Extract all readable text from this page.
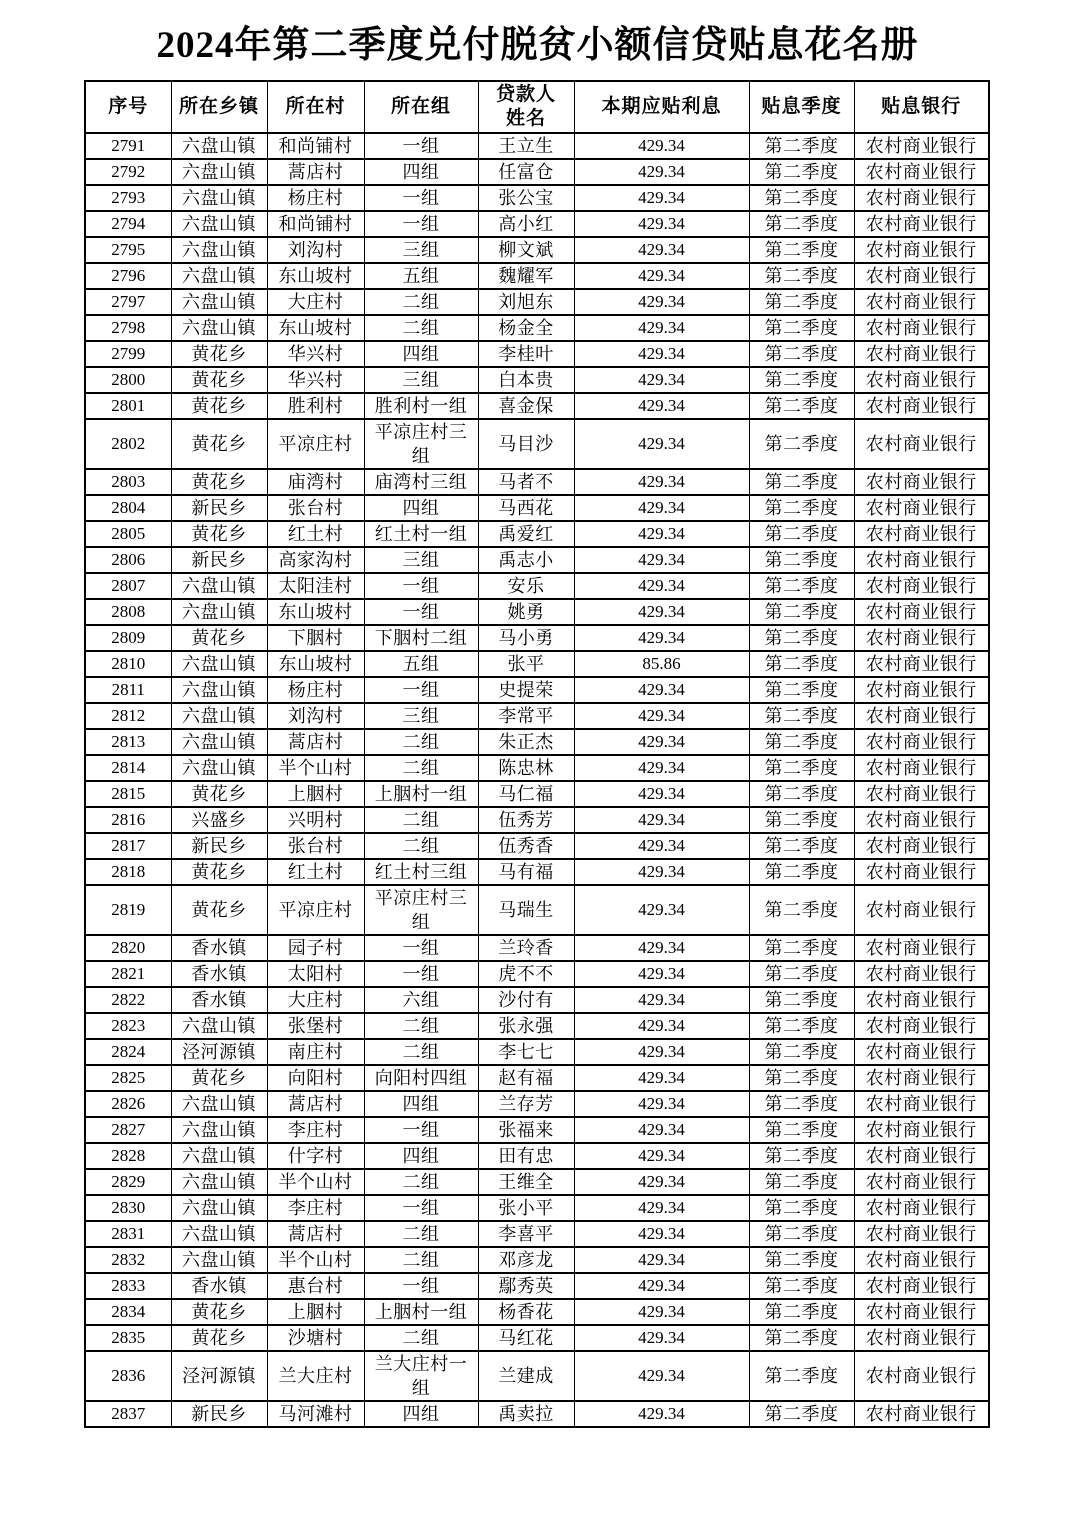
2024年第二季度兑付脱贫小额信贷贴息花名册
序号	所在乡镇	所在村	所在组	贷款人姓名	本期应贴利息	贴息季度	贴息银行
2791	六盘山镇	和尚铺村	一组	王立生	429.34	第二季度	农村商业银行
2792	六盘山镇	蒿店村	四组	任富仓	429.34	第二季度	农村商业银行
2793	六盘山镇	杨庄村	一组	张公宝	429.34	第二季度	农村商业银行
2794	六盘山镇	和尚铺村	一组	高小红	429.34	第二季度	农村商业银行
2795	六盘山镇	刘沟村	三组	柳文斌	429.34	第二季度	农村商业银行
2796	六盘山镇	东山坡村	五组	魏耀军	429.34	第二季度	农村商业银行
2797	六盘山镇	大庄村	二组	刘旭东	429.34	第二季度	农村商业银行
2798	六盘山镇	东山坡村	二组	杨金全	429.34	第二季度	农村商业银行
2799	黄花乡	华兴村	四组	李桂叶	429.34	第二季度	农村商业银行
2800	黄花乡	华兴村	三组	白本贵	429.34	第二季度	农村商业银行
2801	黄花乡	胜利村	胜利村一组	喜金保	429.34	第二季度	农村商业银行
2802	黄花乡	平凉庄村	平凉庄村三组	马目沙	429.34	第二季度	农村商业银行
2803	黄花乡	庙湾村	庙湾村三组	马者不	429.34	第二季度	农村商业银行
2804	新民乡	张台村	四组	马西花	429.34	第二季度	农村商业银行
2805	黄花乡	红土村	红土村一组	禹爱红	429.34	第二季度	农村商业银行
2806	新民乡	高家沟村	三组	禹志小	429.34	第二季度	农村商业银行
2807	六盘山镇	太阳洼村	一组	安乐	429.34	第二季度	农村商业银行
2808	六盘山镇	东山坡村	一组	姚勇	429.34	第二季度	农村商业银行
2809	黄花乡	下胭村	下胭村二组	马小勇	429.34	第二季度	农村商业银行
2810	六盘山镇	东山坡村	五组	张平	85.86	第二季度	农村商业银行
2811	六盘山镇	杨庄村	一组	史提荣	429.34	第二季度	农村商业银行
2812	六盘山镇	刘沟村	三组	李常平	429.34	第二季度	农村商业银行
2813	六盘山镇	蒿店村	二组	朱正杰	429.34	第二季度	农村商业银行
2814	六盘山镇	半个山村	二组	陈忠林	429.34	第二季度	农村商业银行
2815	黄花乡	上胭村	上胭村一组	马仁福	429.34	第二季度	农村商业银行
2816	兴盛乡	兴明村	二组	伍秀芳	429.34	第二季度	农村商业银行
2817	新民乡	张台村	二组	伍秀香	429.34	第二季度	农村商业银行
2818	黄花乡	红土村	红土村三组	马有福	429.34	第二季度	农村商业银行
2819	黄花乡	平凉庄村	平凉庄村三组	马瑞生	429.34	第二季度	农村商业银行
2820	香水镇	园子村	一组	兰玲香	429.34	第二季度	农村商业银行
2821	香水镇	太阳村	一组	虎不不	429.34	第二季度	农村商业银行
2822	香水镇	大庄村	六组	沙付有	429.34	第二季度	农村商业银行
2823	六盘山镇	张堡村	二组	张永强	429.34	第二季度	农村商业银行
2824	泾河源镇	南庄村	二组	李七七	429.34	第二季度	农村商业银行
2825	黄花乡	向阳村	向阳村四组	赵有福	429.34	第二季度	农村商业银行
2826	六盘山镇	蒿店村	四组	兰存芳	429.34	第二季度	农村商业银行
2827	六盘山镇	李庄村	一组	张福来	429.34	第二季度	农村商业银行
2828	六盘山镇	什字村	四组	田有忠	429.34	第二季度	农村商业银行
2829	六盘山镇	半个山村	二组	王维全	429.34	第二季度	农村商业银行
2830	六盘山镇	李庄村	一组	张小平	429.34	第二季度	农村商业银行
2831	六盘山镇	蒿店村	二组	李喜平	429.34	第二季度	农村商业银行
2832	六盘山镇	半个山村	二组	邓彦龙	429.34	第二季度	农村商业银行
2833	香水镇	惠台村	一组	鄢秀英	429.34	第二季度	农村商业银行
2834	黄花乡	上胭村	上胭村一组	杨香花	429.34	第二季度	农村商业银行
2835	黄花乡	沙塘村	二组	马红花	429.34	第二季度	农村商业银行
2836	泾河源镇	兰大庄村	兰大庄村一组	兰建成	429.34	第二季度	农村商业银行
2837	新民乡	马河滩村	四组	禹卖拉	429.34	第二季度	农村商业银行
